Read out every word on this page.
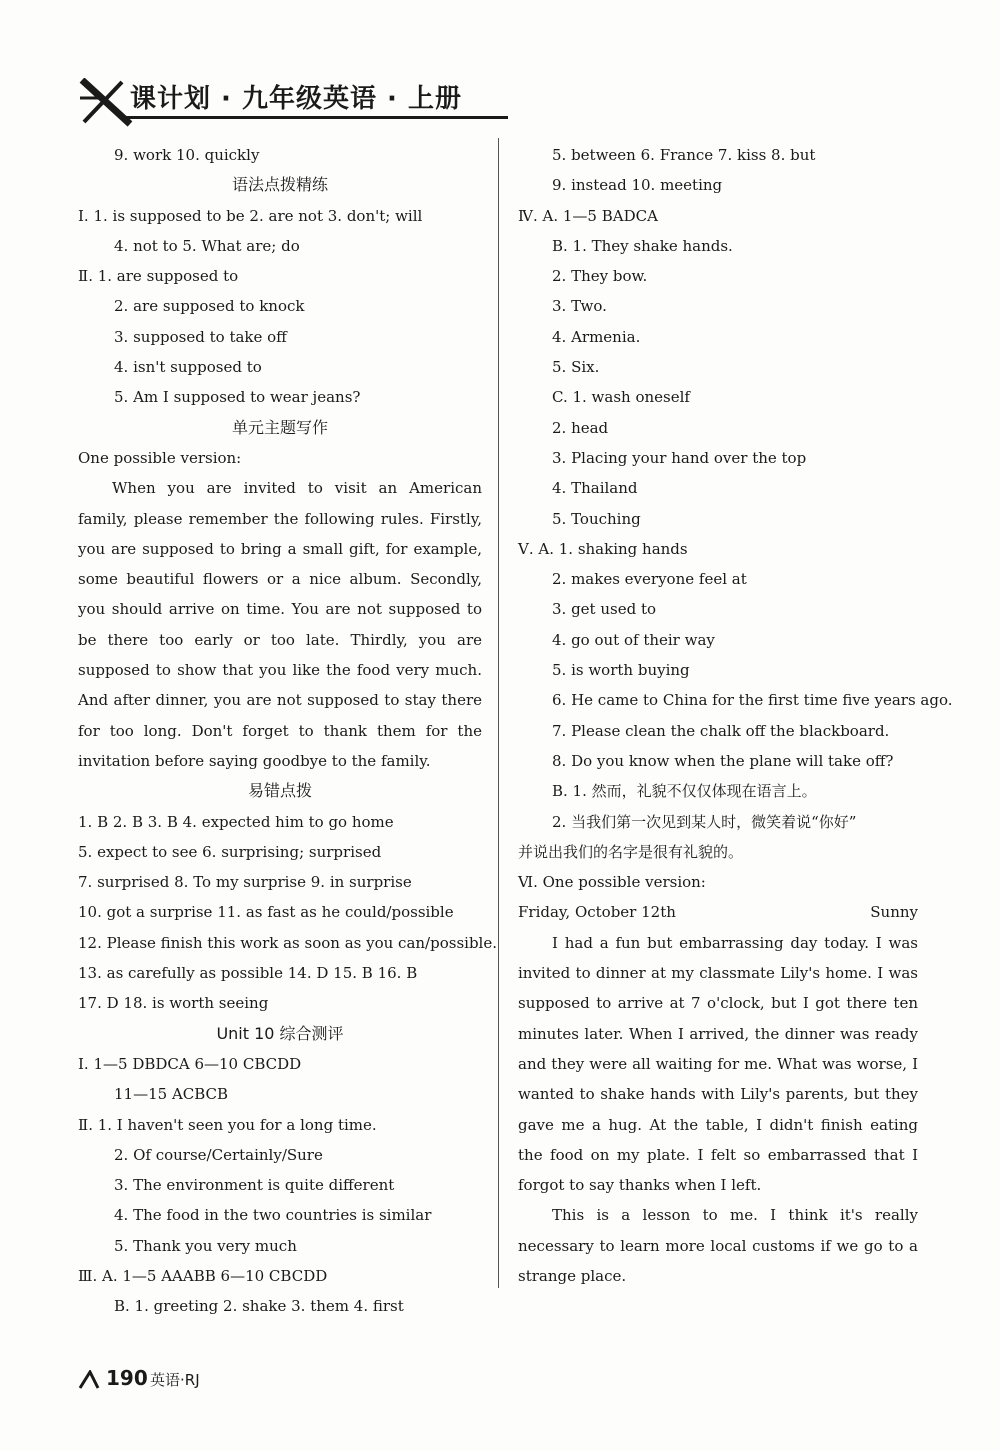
课计划 · 九年级英语 · 上册
9. work 10. quickly
语法点拨精练
Ⅰ. 1. is supposed to be 2. are not 3. don't; will
4. not to 5. What are; do
Ⅱ. 1. are supposed to
2. are supposed to knock
3. supposed to take off
4. isn't supposed to
5. Am I supposed to wear jeans?
单元主题写作
One possible version:
When you are invited to visit an American family, please remember the following rules. Firstly, you are supposed to bring a small gift, for example, some beautiful flowers or a nice album. Secondly, you should arrive on time. You are not supposed to be there too early or too late. Thirdly, you are supposed to show that you like the food very much. And after dinner, you are not supposed to stay there for too long. Don't forget to thank them for the invitation before saying goodbye to the family.
易错点拨
1. B 2. B 3. B 4. expected him to go home
5. expect to see 6. surprising; surprised
7. surprised 8. To my surprise 9. in surprise
10. got a surprise 11. as fast as he could/possible
12. Please finish this work as soon as you can/possible.
13. as carefully as possible 14. D 15. B 16. B
17. D 18. is worth seeing
Unit 10 综合测评
Ⅰ. 1—5 DBDCA 6—10 CBCDD
11—15 ACBCB
Ⅱ. 1. I haven't seen you for a long time.
2. Of course/Certainly/Sure
3. The environment is quite different
4. The food in the two countries is similar
5. Thank you very much
Ⅲ. A. 1—5 AAABB 6—10 CBCDD
B. 1. greeting 2. shake 3. them 4. first
5. between 6. France 7. kiss 8. but
9. instead 10. meeting
Ⅳ. A. 1—5 BADCA
B. 1. They shake hands.
2. They bow.
3. Two.
4. Armenia.
5. Six.
C. 1. wash oneself
2. head
3. Placing your hand over the top
4. Thailand
5. Touching
Ⅴ. A. 1. shaking hands
2. makes everyone feel at
3. get used to
4. go out of their way
5. is worth buying
6. He came to China for the first time five years ago.
7. Please clean the chalk off the blackboard.
8. Do you know when the plane will take off?
B. 1. 然而，礼貌不仅仅体现在语言上。
2. 当我们第一次见到某人时，微笑着说“你好”
并说出我们的名字是很有礼貌的。
Ⅵ. One possible version:
Friday, October 12th	Sunny
I had a fun but embarrassing day today. I was invited to dinner at my classmate Lily's home. I was supposed to arrive at 7 o'clock, but I got there ten minutes later. When I arrived, the dinner was ready and they were all waiting for me. What was worse, I wanted to shake hands with Lily's parents, but they gave me a hug. At the table, I didn't finish eating the food on my plate. I felt so embarrassed that I forgot to say thanks when I left.
This is a lesson to me. I think it's really necessary to learn more local customs if we go to a strange place.
190 英语·RJ
